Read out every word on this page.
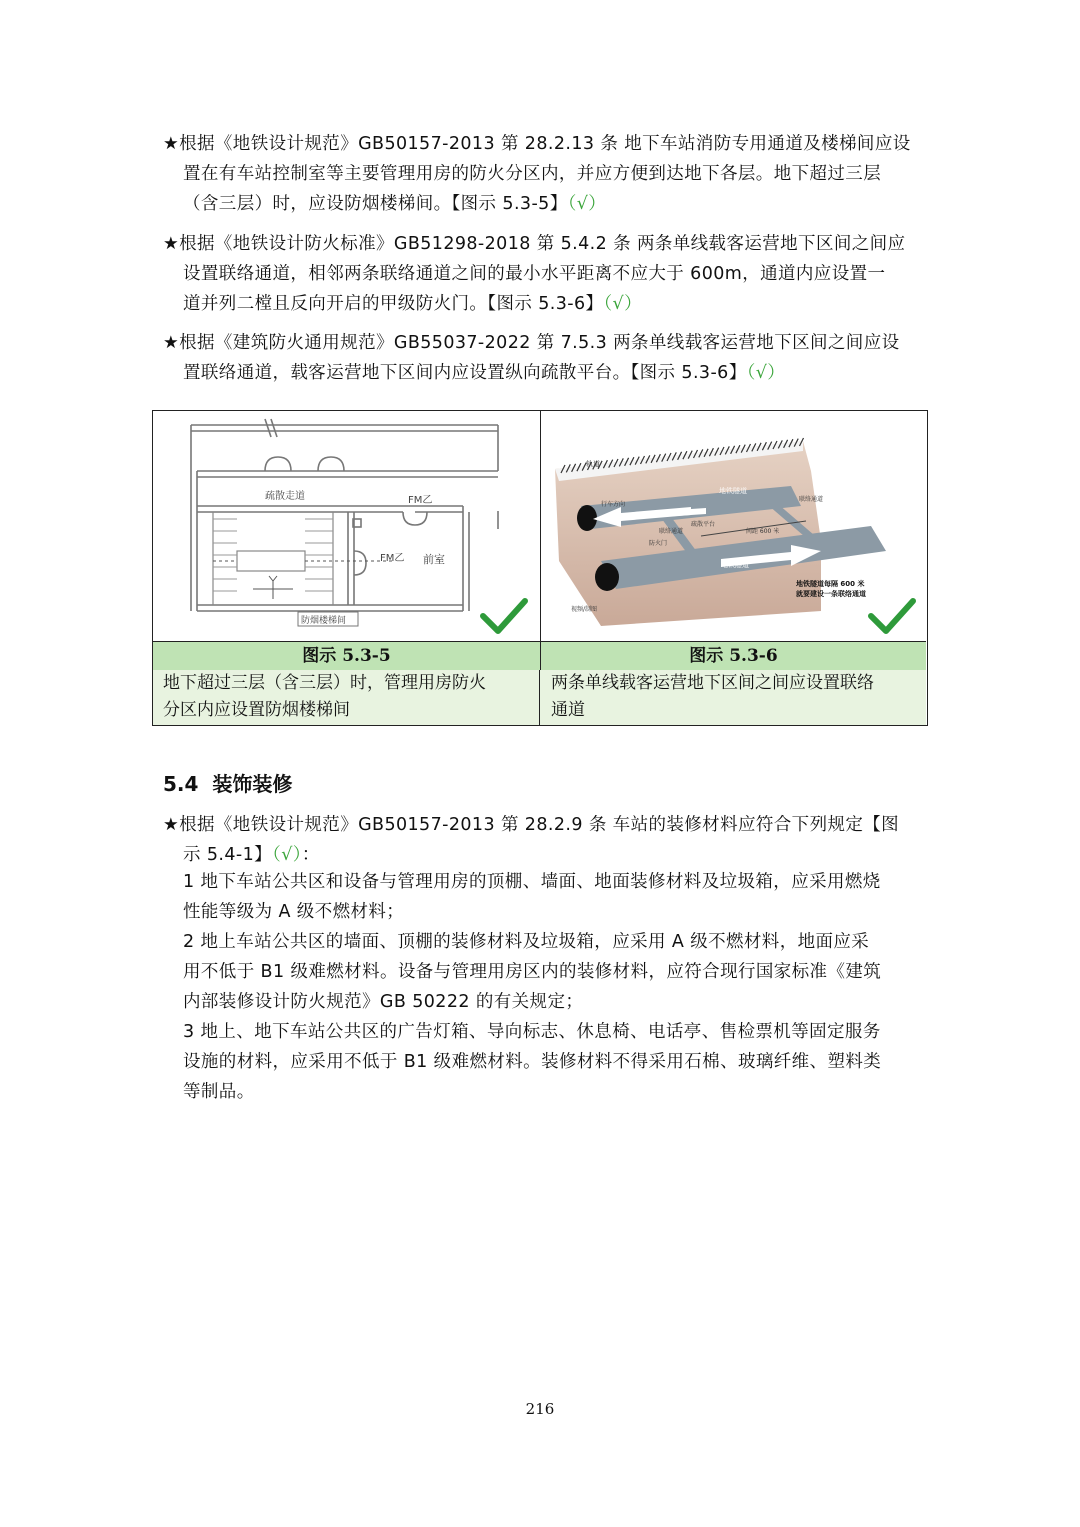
★根据《地铁设计规范》GB50157-2013 第 28.2.13 条 地下车站消防专用通道及楼梯间应设
置在有车站控制室等主要管理用房的防火分区内，并应方便到达地下各层。地下超过三层
（含三层）时，应设防烟楼梯间。【图示 5.3-5】（√）
★根据《地铁设计防火标准》GB51298-2018 第 5.4.2 条 两条单线载客运营地下区间之间应
设置联络通道，相邻两条联络通道之间的最小水平距离不应大于 600m，通道内应设置一
道并列二樘且反向开启的甲级防火门。【图示 5.3-6】（√）
★根据《建筑防火通用规范》GB55037-2022 第 7.5.3 两条单线载客运营地下区间之间应设
置联络通道，载客运营地下区间内应设置纵向疏散平台。【图示 5.3-6】（√）
疏散走道	FM乙
FM乙 前室
防烟楼梯间
轨道
地铁隧道
地铁隧道
行车方向
联络通道
防火门
联络通道
疏散平台
间距 600 米
地铁隧道每隔 600 米
就要建设一条联络通道
视频/制图
图示 5.3-5	图示 5.3-6
地下超过三层（含三层）时，管理用房防火
分区内应设置防烟楼梯间
两条单线载客运营地下区间之间应设置联络
通道
5.4 装饰装修
★根据《地铁设计规范》GB50157-2013 第 28.2.9 条 车站的装修材料应符合下列规定【图
示 5.4-1】（√）：
1 地下车站公共区和设备与管理用房的顶棚、墙面、地面装修材料及垃圾箱，应采用燃烧
性能等级为 A 级不燃材料；
2 地上车站公共区的墙面、顶棚的装修材料及垃圾箱，应采用 A 级不燃材料，地面应采
用不低于 B1 级难燃材料。设备与管理用房区内的装修材料，应符合现行国家标准《建筑
内部装修设计防火规范》GB 50222 的有关规定；
3 地上、地下车站公共区的广告灯箱、导向标志、休息椅、电话亭、售检票机等固定服务
设施的材料，应采用不低于 B1 级难燃材料。装修材料不得采用石棉、玻璃纤维、塑料类
等制品。
216
